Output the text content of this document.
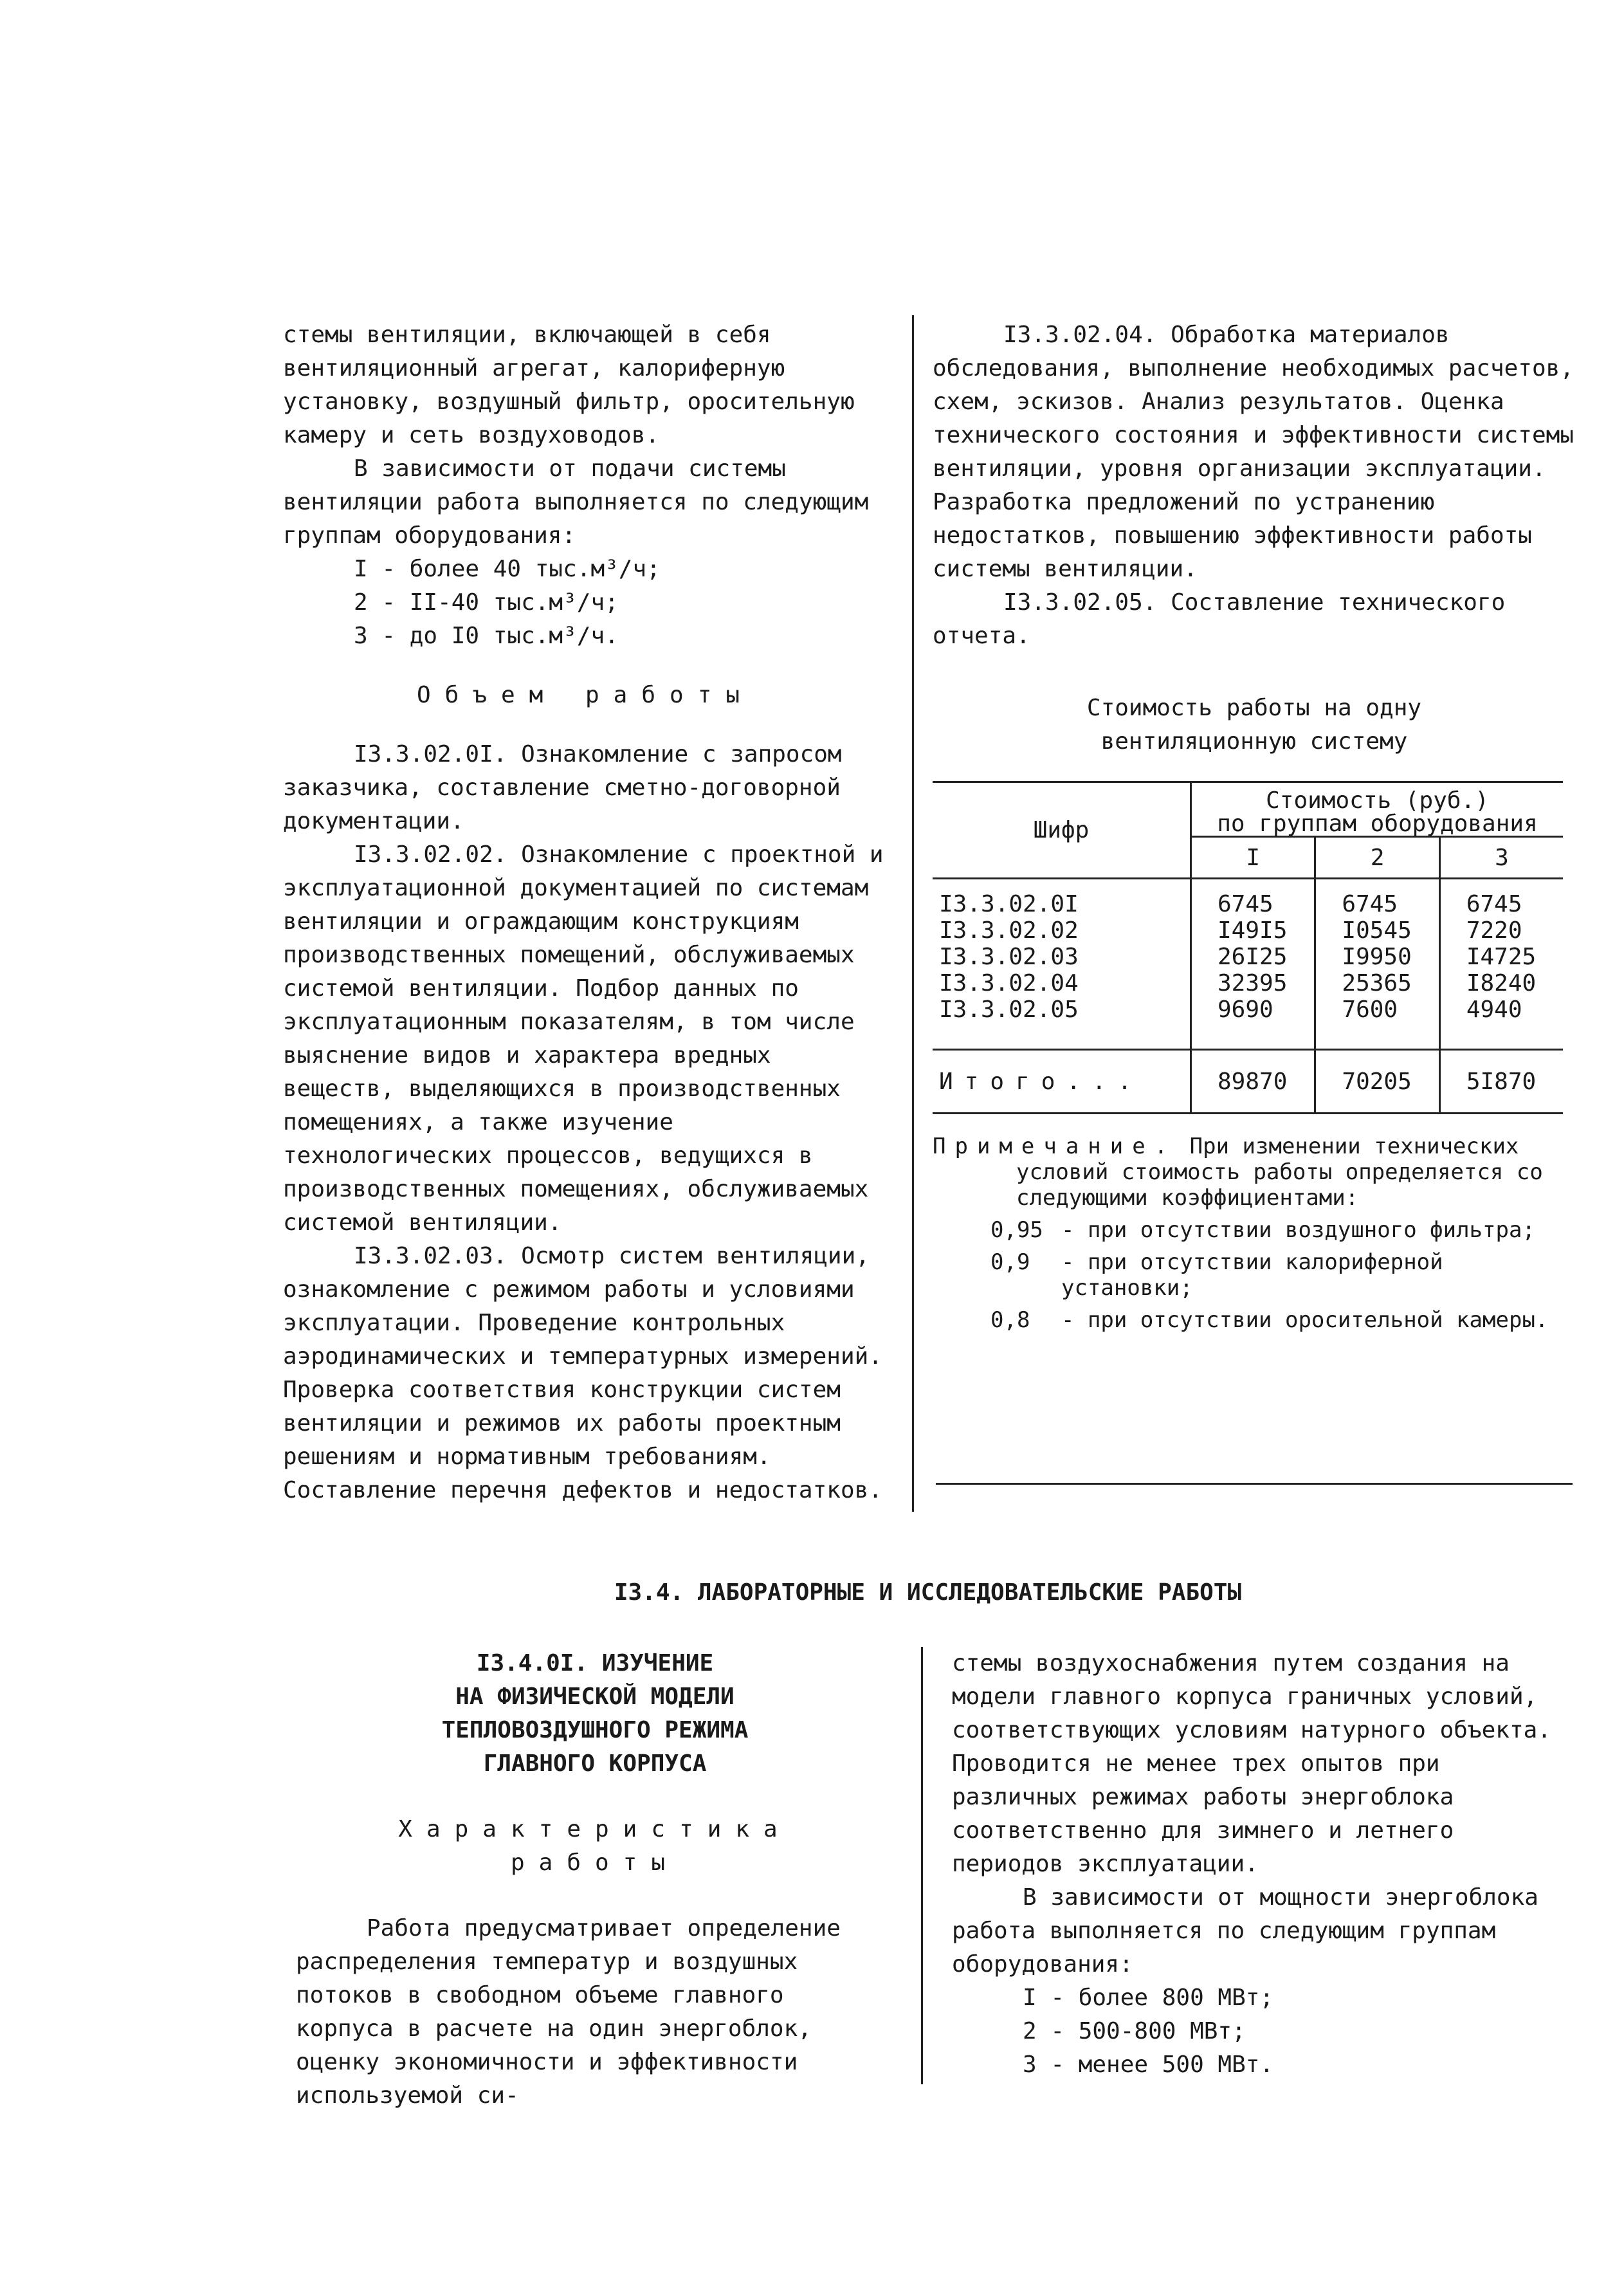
стемы вентиляции, включающей в себя вентиляционный агрегат, калориферную установку, воздушный фильтр, оросительную камеру и сеть воздуховодов.

В зависимости от подачи системы вентиляции работа выполняется по следующим группам оборудования:

I - более 40 тыс.м³/ч;

2 - II-40 тыс.м³/ч;

3 - до I0 тыс.м³/ч.

Объем работы

I3.3.02.0I. Ознакомление с запросом заказчика, составление сметно-договорной документации.

I3.3.02.02. Ознакомление с проектной и эксплуатационной документацией по системам вентиляции и ограждающим конструкциям производственных помещений, обслуживаемых системой вентиляции. Подбор данных по эксплуатационным показателям, в том числе выяснение видов и характера вредных веществ, выделяющихся в производственных помещениях, а также изучение технологических процессов, ведущихся в производственных помещениях, обслуживаемых системой вентиляции.

I3.3.02.03. Осмотр систем вентиляции, ознакомление с режимом работы и условиями эксплуатации. Проведение контрольных аэродинамических и температурных измерений. Проверка соответствия конструкции систем вентиляции и режимов их работы проектным решениям и нормативным требованиям. Составление перечня дефектов и недостатков.

I3.3.02.04. Обработка материалов обследования, выполнение необходимых расчетов, схем, эскизов. Анализ результатов. Оценка технического состояния и эффективности системы вентиляции, уровня организации эксплуатации. Разработка предложений по устранению недостатков, повышению эффективности работы системы вентиляции.

I3.3.02.05. Составление технического отчета.

Стоимость работы на одну

вентиляционную систему

Шифр	Стоимость (руб.)
по группам оборудования		

	I	2	3
I3.3.02.0I	6745	6745	6745
I3.3.02.02	I49I5	I0545	7220
I3.3.02.03	26I25	I9950	I4725
I3.3.02.04	32395	25365	I8240
I3.3.02.05	9690	7600	4940
Итого...	89870	70205	5I870

Примечание. При изменении технических условий стоимость работы определяется со следующими коэффициентами:

0,95 - при отсутствии воздушного фильтра;
0,9	- при отсутствии калориферной установки;
0,8	- при отсутствии оросительной камеры.

I3.4. ЛАБОРАТОРНЫЕ И ИССЛЕДОВАТЕЛЬСКИЕ РАБОТЫ

I3.4.0I. ИЗУЧЕНИЕ

НА ФИЗИЧЕСКОЙ МОДЕЛИ

ТЕПЛОВОЗДУШНОГО РЕЖИМА

ГЛАВНОГО КОРПУСА

Характеристика

работы

Работа предусматривает определение распределения температур и воздушных потоков в свободном объеме главного корпуса в расчете на один энергоблок, оценку экономичности и эффективности используемой си-

стемы воздухоснабжения путем создания на модели главного корпуса граничных условий, соответствующих условиям натурного объекта. Проводится не менее трех опытов при различных режимах работы энергоблока соответственно для зимнего и летнего периодов эксплуатации.

В зависимости от мощности энергоблока работа выполняется по следующим группам оборудования:

I - более 800 МВт;

2 - 500-800 МВт;

3 - менее 500 МВт.
